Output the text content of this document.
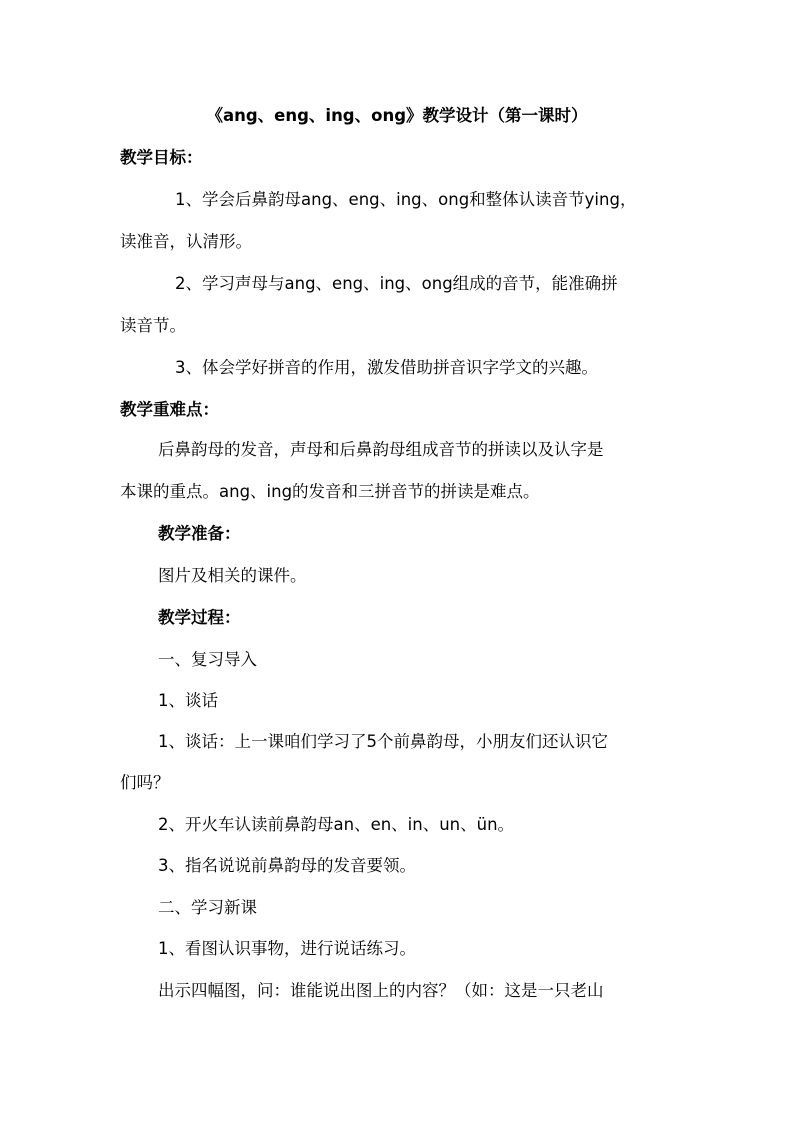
《ang、eng、ing、ong》教学设计（第一课时）
教学目标：
1、学会后鼻韵母ang、eng、ing、ong和整体认读音节ying，
读准音，认清形。
2、学习声母与ang、eng、ing、ong组成的音节，能准确拼
读音节。
3、体会学好拼音的作用，激发借助拼音识字学文的兴趣。
教学重难点：
后鼻韵母的发音，声母和后鼻韵母组成音节的拼读以及认字是
本课的重点。ang、ing的发音和三拼音节的拼读是难点。
教学准备：
图片及相关的课件。
教学过程：
一、复习导入
1、谈话
1、谈话：上一课咱们学习了5个前鼻韵母，小朋友们还认识它
们吗？
2、开火车认读前鼻韵母an、en、in、un、ün。
3、指名说说前鼻韵母的发音要领。
二、学习新课
1、看图认识事物，进行说话练习。
出示四幅图，问：谁能说出图上的内容？（如：这是一只老山
